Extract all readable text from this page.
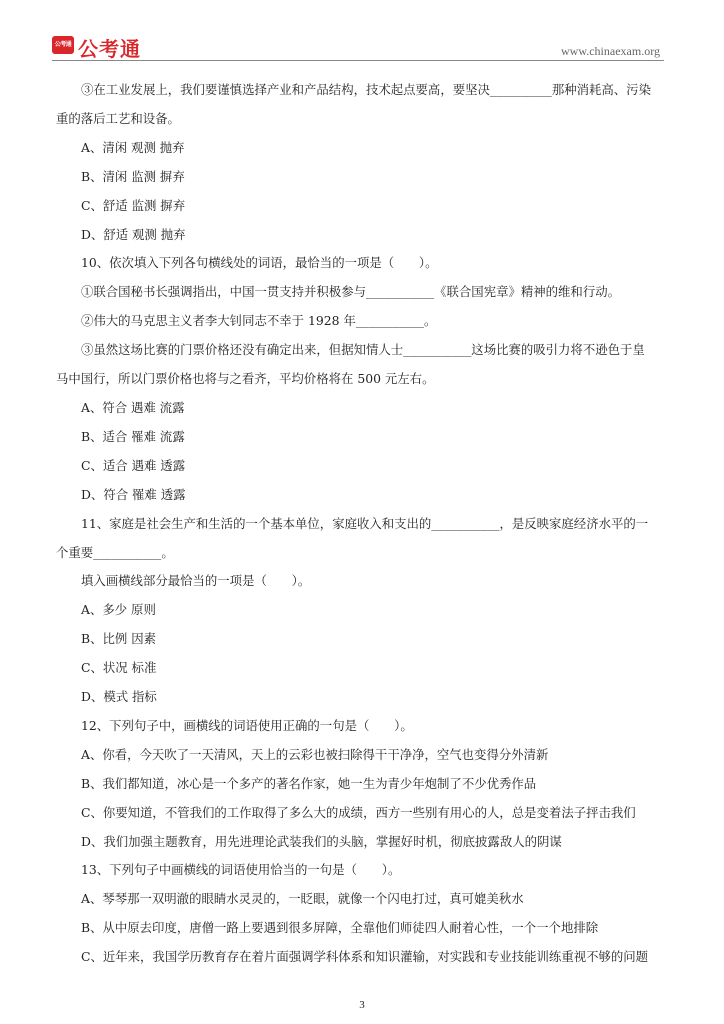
公考通 公考通	www.chinaexam.org

③在工业发展上，我们要谨慎选择产业和产品结构，技术起点要高，要坚决__________那种消耗高、污染

重的落后工艺和设备。

A、清闲 观测 抛弃

B、清闲 监测 摒弃

C、舒适 监测 摒弃

D、舒适 观测 抛弃

10、依次填入下列各句横线处的词语，最恰当的一项是（　　）。

①联合国秘书长强调指出，中国一贯支持并积极参与___________《联合国宪章》精神的维和行动。

②伟大的马克思主义者李大钊同志不幸于 1928 年___________。

③虽然这场比赛的门票价格还没有确定出来，但据知情人士___________这场比赛的吸引力将不逊色于皇

马中国行，所以门票价格也将与之看齐，平均价格将在 500 元左右。

A、符合 遇难 流露

B、适合 罹难 流露

C、适合 遇难 透露

D、符合 罹难 透露

11、家庭是社会生产和生活的一个基本单位，家庭收入和支出的___________，是反映家庭经济水平的一

个重要___________。

填入画横线部分最恰当的一项是（　　）。

A、多少 原则

B、比例 因素

C、状况 标准

D、模式 指标

12、下列句子中，画横线的词语使用正确的一句是（　　）。

A、你看，今天吹了一天清风，天上的云彩也被扫除得干干净净，空气也变得分外清新

B、我们都知道，冰心是一个多产的著名作家，她一生为青少年炮制了不少优秀作品

C、你要知道，不管我们的工作取得了多么大的成绩，西方一些别有用心的人，总是变着法子抨击我们

D、我们加强主题教育，用先进理论武装我们的头脑，掌握好时机，彻底披露敌人的阴谋

13、下列句子中画横线的词语使用恰当的一句是（　　）。

A、琴琴那一双明澈的眼睛水灵灵的，一眨眼，就像一个闪电打过，真可媲美秋水

B、从中原去印度，唐僧一路上要遇到很多屏障，全靠他们师徒四人耐着心性，一个一个地排除

C、近年来，我国学历教育存在着片面强调学科体系和知识灌输，对实践和专业技能训练重视不够的问题

3
